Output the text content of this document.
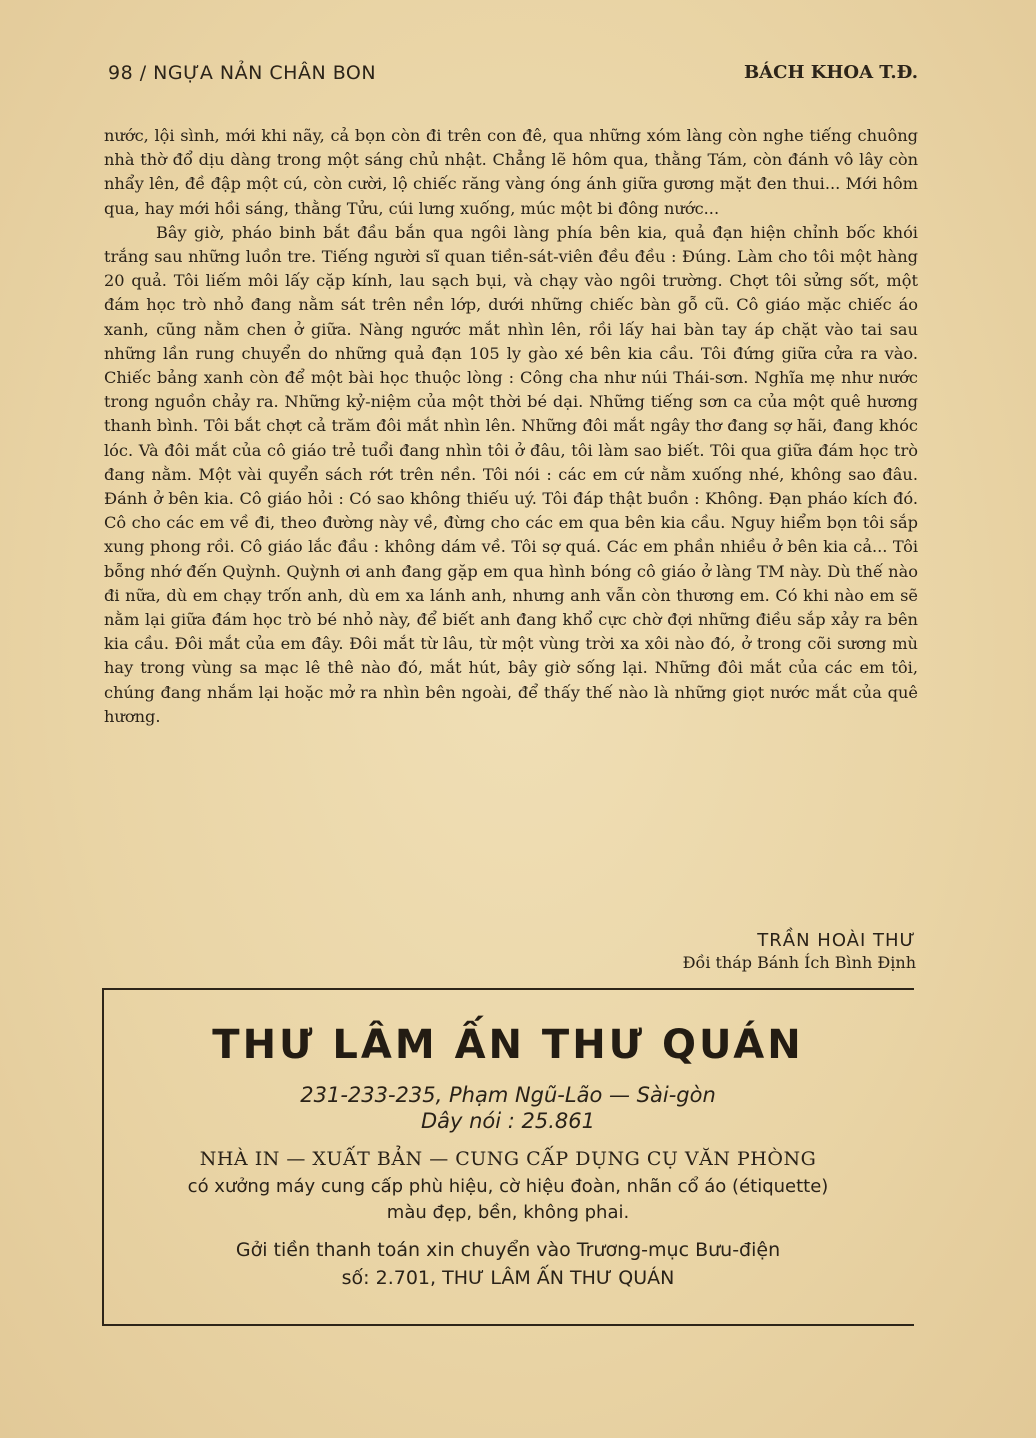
98 / NGỰA NẢN CHÂN BON	BÁCH KHOA T.Đ.

nước, lội sình, mới khi nãy, cả bọn còn đi trên con đê, qua những xóm làng còn nghe tiếng chuông nhà thờ đổ dịu dàng trong một sáng chủ nhật. Chẳng lẽ hôm qua, thằng Tám, còn đánh vô lây còn nhẩy lên, đề đập một cú, còn cười, lộ chiếc răng vàng óng ánh giữa gương mặt đen thui... Mới hôm qua, hay mới hồi sáng, thằng Tửu, cúi lưng xuống, múc một bi đông nước...

Bây giờ, pháo binh bắt đầu bắn qua ngôi làng phía bên kia, quả đạn hiện chỉnh bốc khói trắng sau những luồn tre. Tiếng người sĩ quan tiền-sát-viên đều đều : Đúng. Làm cho tôi một hàng 20 quả. Tôi liếm môi lấy cặp kính, lau sạch bụi, và chạy vào ngôi trường. Chợt tôi sửng sốt, một đám học trò nhỏ đang nằm sát trên nền lớp, dưới những chiếc bàn gỗ cũ. Cô giáo mặc chiếc áo xanh, cũng nằm chen ở giữa. Nàng ngước mắt nhìn lên, rồi lấy hai bàn tay áp chặt vào tai sau những lần rung chuyển do những quả đạn 105 ly gào xé bên kia cầu. Tôi đứng giữa cửa ra vào. Chiếc bảng xanh còn để một bài học thuộc lòng : Công cha như núi Thái-sơn. Nghĩa mẹ như nước trong nguồn chảy ra. Những kỷ-niệm của một thời bé dại. Những tiếng sơn ca của một quê hương thanh bình. Tôi bắt chợt cả trăm đôi mắt nhìn lên. Những đôi mắt ngây thơ đang sợ hãi, đang khóc lóc. Và đôi mắt của cô giáo trẻ tuổi đang nhìn tôi ở đâu, tôi làm sao biết. Tôi qua giữa đám học trò đang nằm. Một vài quyển sách rớt trên nền. Tôi nói : các em cứ nằm xuống nhé, không sao đâu. Đánh ở bên kia. Cô giáo hỏi : Có sao không thiếu uý. Tôi đáp thật buồn : Không. Đạn pháo kích đó. Cô cho các em về đi, theo đường này về, đừng cho các em qua bên kia cầu. Nguy hiểm bọn tôi sắp xung phong rồi. Cô giáo lắc đầu : không dám về. Tôi sợ quá. Các em phần nhiều ở bên kia cả... Tôi bỗng nhớ đến Quỳnh. Quỳnh ơi anh đang gặp em qua hình bóng cô giáo ở làng TM này. Dù thế nào đi nữa, dù em chạy trốn anh, dù em xa lánh anh, nhưng anh vẫn còn thương em. Có khi nào em sẽ nằm lại giữa đám học trò bé nhỏ này, để biết anh đang khổ cực chờ đợi những điều sắp xảy ra bên kia cầu. Đôi mắt của em đây. Đôi mắt từ lâu, từ một vùng trời xa xôi nào đó, ở trong cõi sương mù hay trong vùng sa mạc lê thê nào đó, mắt hút, bây giờ sống lại. Những đôi mắt của các em tôi, chúng đang nhắm lại hoặc mở ra nhìn bên ngoài, để thấy thế nào là những giọt nước mắt của quê hương.

TRẦN HOÀI THƯ
Đồi tháp Bánh Ích Bình Định
THƯ LÂM ẤN THƯ QUÁN
231-233-235, Phạm Ngũ-Lão — Sài-gòn
Dây nói : 25.861
NHÀ IN — XUẤT BẢN — CUNG CẤP DỤNG CỤ VĂN PHÒNG
có xưởng máy cung cấp phù hiệu, cờ hiệu đoàn, nhãn cổ áo (étiquette)
màu đẹp, bền, không phai.
Gởi tiền thanh toán xin chuyển vào Trương-mục Bưu-điện
số: 2.701, THƯ LÂM ẤN THƯ QUÁN
